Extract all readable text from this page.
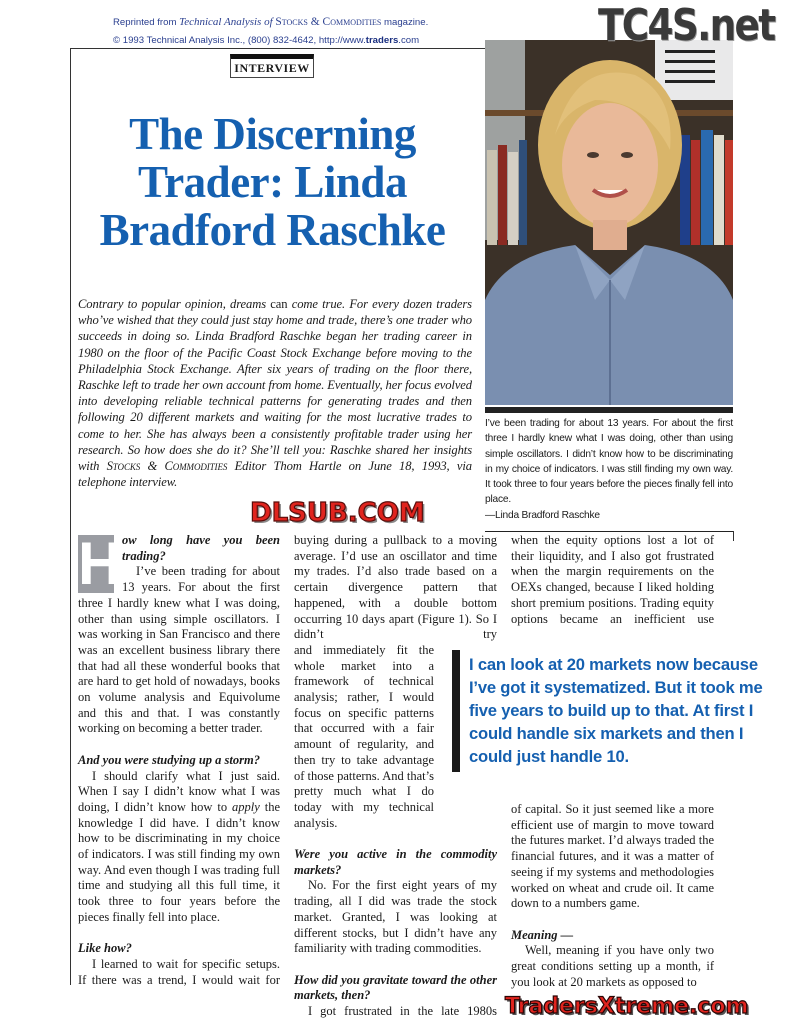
Reprinted from Technical Analysis of Stocks & Commodities magazine.
© 1993 Technical Analysis Inc., (800) 832-4642, http://www.traders.com
INTERVIEW
The Discerning
Trader: Linda
Bradford Raschke
Contrary to popular opinion, dreams can come true. For every dozen traders who’ve wished that they could just stay home and trade, there’s one trader who succeeds in doing so. Linda Bradford Raschke began her trading career in 1980 on the floor of the Pacific Coast Stock Exchange before moving to the Philadelphia Stock Exchange. After six years of trading on the floor there, Raschke left to trade her own account from home. Eventually, her focus evolved into developing reliable technical patterns for generating trades and then following 20 different markets and waiting for the most lucrative trades to come to her. She has always been a consistently profitable trader using her research. So how does she do it? She’ll tell you: Raschke shared her insights with Stocks & Commodities Editor Thom Hartle on June 18, 1993, via telephone interview.
I’ve been trading for about 13 years. For about the first three I hardly knew what I was doing, other than using simple oscillators. I didn’t know how to be discriminating in my choice of indicators. I was still finding my own way. It took three to four years before the pieces finally fell into place.
—Linda Bradford Raschke
H ow long have you been trading?

I’ve been trading for about 13 years. For about the first three I hardly knew what I was doing, other than using simple oscillators. I was working in San Francisco and there was an excellent business library there that had all these wonderful books that are hard to get hold of nowadays, books on volume analysis and Equivolume and this and that. I was constantly working on becoming a better trader.

And you were studying up a storm?

I should clarify what I just said. When I say I didn’t know what I was doing, I didn’t know how to apply the knowledge I did have. I didn’t know how to be discriminating in my choice of indicators. I was still finding my own way. And even though I was trading full time and studying all this full time, it took three to four years before the pieces finally fell into place.

Like how?

I learned to wait for specific setups. If there was a trend, I would wait for

buying during a pullback to a moving average. I’d use an oscillator and time my trades. I’d also trade based on a certain divergence pattern that happened, with a double bottom occurring 10 days apart (Figure 1). So I didn’t try

and immediately fit the whole market into a framework of technical analysis; rather, I would focus on specific patterns that occurred with a fair amount of regularity, and then try to take advantage of those patterns. And that’s pretty much what I do today with my technical analysis.

Were you active in the commodity markets?

No. For the first eight years of my trading, all I did was trade the stock market. Granted, I was looking at different stocks, but I didn’t have any familiarity with trading commodities.

How did you gravitate toward the other markets, then?

I got frustrated in the late 1980s

when the equity options lost a lot of their liquidity, and I also got frustrated when the margin requirements on the OEXs changed, because I liked holding short premium positions. Trading equity options became an inefficient use

of capital. So it just seemed like a more efficient use of margin to move toward the futures market. I’d always traded the financial futures, and it was a matter of seeing if my systems and methodologies worked on wheat and crude oil. It came down to a numbers game.

Meaning —

Well, meaning if you have only two great conditions setting up a month, if you look at 20 markets as opposed to

I can look at 20 markets now because I’ve got it systematized. But it took me five years to build up to that. At first I could handle six markets and then I could just handle 10.
TC4S.net
DLSUB.COM
TradersXtreme.com
